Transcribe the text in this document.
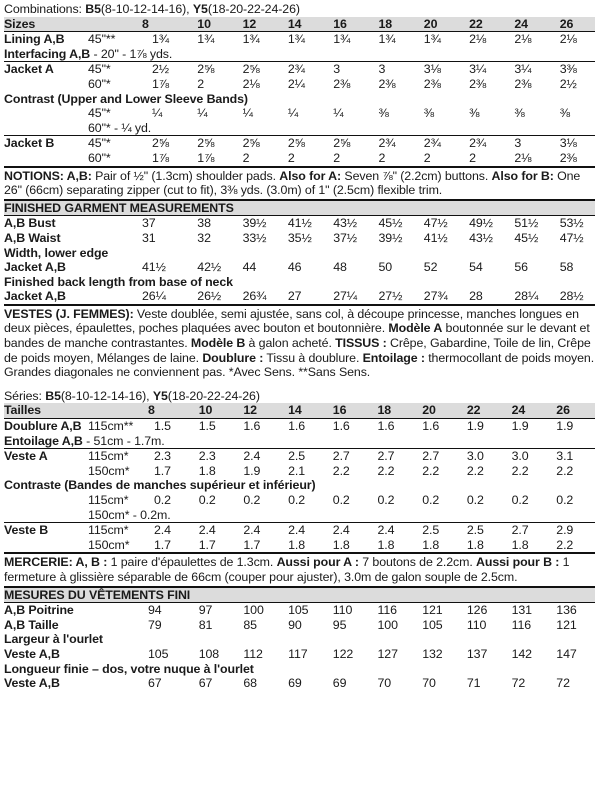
Combinations: B5(8-10-12-14-16), Y5(18-20-22-24-26)
Sizes	8	10	12	14	16	18	20	22	24	26
Lining A,B	45"**	1¾	1¾	1¾	1¾	1¾	1¾	1¾	2⅛	2⅛	2⅛
Interfacing A,B - 20" - 1⅞ yds.
Jacket A	45"*	2½	2⅝	2⅝	2¾	3	3	3⅛	3¼	3¼	3⅜
60"*	1⅞	2	2⅛	2¼	2⅜	2⅜	2⅜	2⅜	2⅜	2½
Contrast (Upper and Lower Sleeve Bands)
45"*	¼	¼	¼	¼	¼	⅜	⅜	⅜	⅜	⅜
60"* - ¼ yd.
Jacket B	45"*	2⅝	2⅝	2⅝	2⅝	2⅝	2¾	2¾	2¾	3	3⅛
60"*	1⅞	1⅞	2	2	2	2	2	2	2⅛	2⅜
NOTIONS: A,B: Pair of ½" (1.3cm) shoulder pads. Also for A: Seven ⅞" (2.2cm) buttons. Also for B: One 26" (66cm) separating zipper (cut to fit), 3⅜ yds. (3.0m) of 1" (2.5cm) flexible trim.
FINISHED GARMENT MEASUREMENTS
A,B Bust	37	38	39½	41½	43½	45½	47½	49½	51½	53½
A,B Waist	31	32	33½	35½	37½	39½	41½	43½	45½	47½
Width, lower edge
Jacket A,B	41½	42½	44	46	48	50	52	54	56	58
Finished back length from base of neck
Jacket A,B	26¼	26½	26¾	27	27¼	27½	27¾	28	28¼	28½
VESTES (J. FEMMES): Veste doublée, semi ajustée, sans col, à découpe princesse, manches longues en deux pièces, épaulettes, poches plaquées avec bouton et boutonnière. Modèle A boutonnée sur le devant et bandes de manche contrastantes. Modèle B à galon acheté. TISSUS : Crêpe, Gabardine, Toile de lin, Crêpe de poids moyen, Mélanges de laine. Doublure : Tissu à doublure. Entoilage : thermocollant de poids moyen. Grandes diagonales ne conviennent pas. *Avec Sens. **Sans Sens.
Séries: B5(8-10-12-14-16), Y5(18-20-22-24-26)
Tailles	8	10	12	14	16	18	20	22	24	26
Doublure A,B 115cm**	1.5	1.5	1.6	1.6	1.6	1.6	1.6	1.9	1.9	1.9
Entoilage A,B - 51cm - 1.7m.
Veste A	115cm*	2.3	2.3	2.4	2.5	2.7	2.7	2.7	3.0	3.0	3.1
150cm*	1.7	1.8	1.9	2.1	2.2	2.2	2.2	2.2	2.2	2.2
Contraste (Bandes de manches supérieur et inférieur)
115cm*	0.2	0.2	0.2	0.2	0.2	0.2	0.2	0.2	0.2	0.2
150cm* - 0.2m.
Veste B	115cm*	2.4	2.4	2.4	2.4	2.4	2.4	2.5	2.5	2.7	2.9
150cm*	1.7	1.7	1.7	1.8	1.8	1.8	1.8	1.8	1.8	2.2
MERCERIE: A, B : 1 paire d'épaulettes de 1.3cm. Aussi pour A : 7 boutons de 2.2cm. Aussi pour B : 1 fermeture à glissière séparable de 66cm (couper pour ajuster), 3.0m de galon souple de 2.5cm.
MESURES DU VÊTEMENTS FINI
A,B Poitrine	94	97	100	105	110	116	121	126	131	136
A,B Taille	79	81	85	90	95	100	105	110	116	121
Largeur à l'ourlet
Veste A,B	105	108	112	117	122	127	132	137	142	147
Longueur finie – dos, votre nuque à l'ourlet
Veste A,B	67	67	68	69	69	70	70	71	72	72
